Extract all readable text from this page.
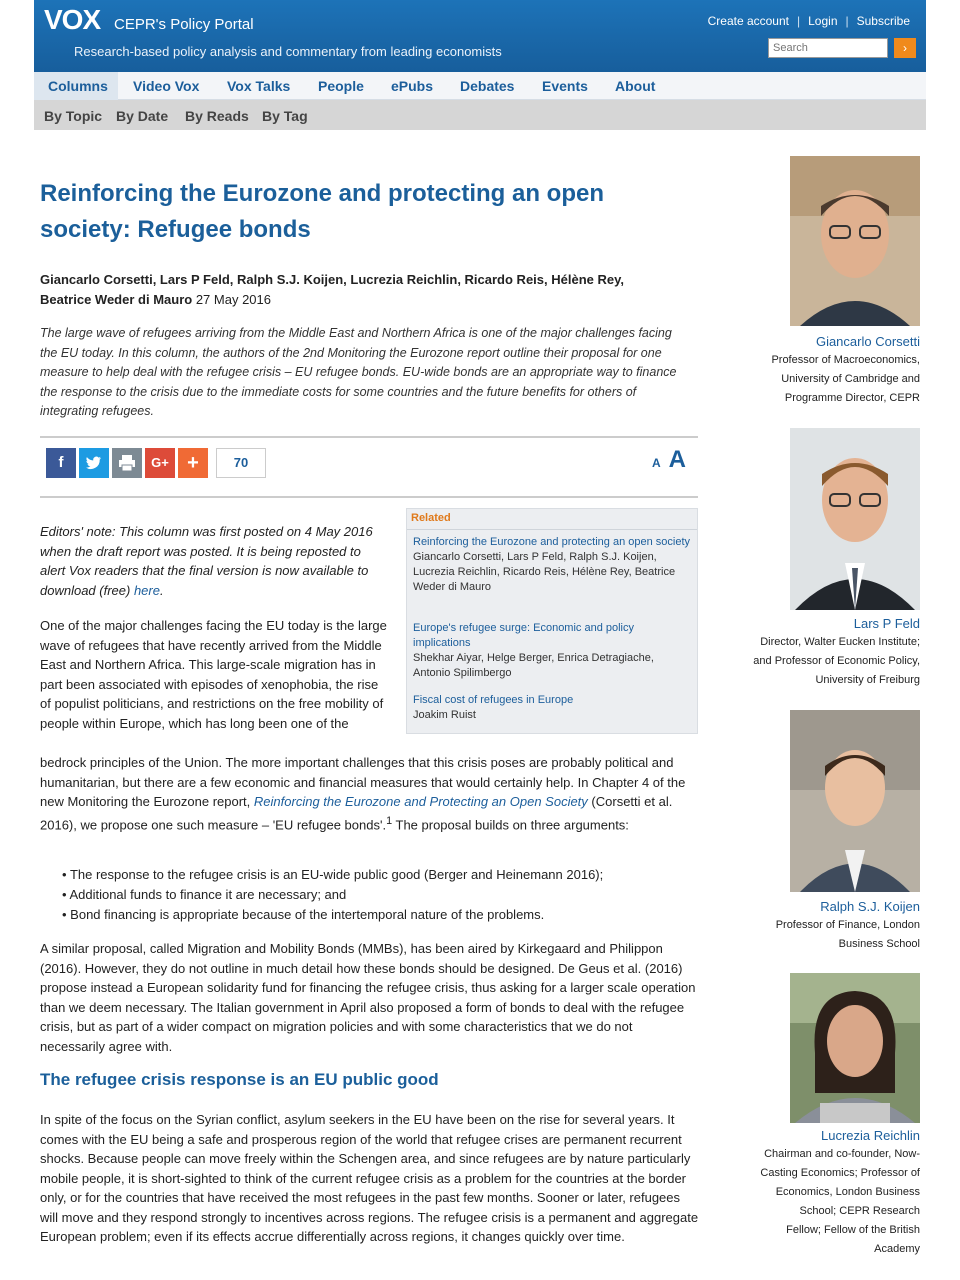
VOX CEPR's Policy Portal
Research-based policy analysis and commentary from leading economists
Create account | Login | Subscribe
Search
›
Columns Video Vox Vox Talks People ePubs Debates Events About
By Topic By Date By Reads By Tag
Reinforcing the Eurozone and protecting an open society: Refugee bonds
Giancarlo Corsetti, Lars P Feld, Ralph S.J. Koijen, Lucrezia Reichlin, Ricardo Reis, Hélène Rey, Beatrice Weder di Mauro 27 May 2016
The large wave of refugees arriving from the Middle East and Northern Africa is one of the major challenges facing the EU today. In this column, the authors of the 2nd Monitoring the Eurozone report outline their proposal for one measure to help deal with the refugee crisis – EU refugee bonds. EU-wide bonds are an appropriate way to finance the response to the crisis due to the immediate costs for some countries and the future benefits for others of integrating refugees.
f	G+ +	70	A A
Editors' note: This column was first posted on 4 May 2016 when the draft report was posted. It is being reposted to alert Vox readers that the final version is now available to download (free) here.
One of the major challenges facing the EU today is the large wave of refugees that have recently arrived from the Middle East and Northern Africa. This large-scale migration has in part been associated with episodes of xenophobia, the rise of populist politicians, and restrictions on the free mobility of people within Europe, which has long been one of the
bedrock principles of the Union. The more important challenges that this crisis poses are probably political and humanitarian, but there are a few economic and financial measures that would certainly help. In Chapter 4 of the new Monitoring the Eurozone report, Reinforcing the Eurozone and Protecting an Open Society (Corsetti et al. 2016), we propose one such measure – 'EU refugee bonds'.$^1$ The proposal builds on three arguments:
• The response to the refugee crisis is an EU-wide public good (Berger and Heinemann 2016);
• Additional funds to finance it are necessary; and
• Bond financing is appropriate because of the intertemporal nature of the problems.
A similar proposal, called Migration and Mobility Bonds (MMBs), has been aired by Kirkegaard and Philippon (2016). However, they do not outline in much detail how these bonds should be designed. De Geus et al. (2016) propose instead a European solidarity fund for financing the refugee crisis, thus asking for a larger scale operation than we deem necessary. The Italian government in April also proposed a form of bonds to deal with the refugee crisis, but as part of a wider compact on migration policies and with some characteristics that we do not necessarily agree with.
The refugee crisis response is an EU public good
In spite of the focus on the Syrian conflict, asylum seekers in the EU have been on the rise for several years. It comes with the EU being a safe and prosperous region of the world that refugee crises are permanent recurrent shocks. Because people can move freely within the Schengen area, and since refugees are by nature particularly mobile people, it is short-sighted to think of the current refugee crisis as a problem for the countries at the border only, or for the countries that have received the most refugees in the past few months. Sooner or later, refugees will move and they respond strongly to incentives across regions. The refugee crisis is a permanent and aggregate European problem; even if its effects accrue differentially across regions, it changes quickly over time.
Related
Reinforcing the Eurozone and protecting an open society
Giancarlo Corsetti, Lars P Feld, Ralph S.J. Koijen, Lucrezia Reichlin, Ricardo Reis, Hélène Rey, Beatrice Weder di Mauro
Europe's refugee surge: Economic and policy implications
Shekhar Aiyar, Helge Berger, Enrica Detragiache, Antonio Spilimbergo
Fiscal cost of refugees in Europe
Joakim Ruist
Giancarlo Corsetti
Professor of Macroeconomics,
University of Cambridge and
Programme Director, CEPR
Lars P Feld
Director, Walter Eucken Institute;
and Professor of Economic Policy,
University of Freiburg
Ralph S.J. Koijen
Professor of Finance, London
Business School
Lucrezia Reichlin
Chairman and co-founder, Now-
Casting Economics; Professor of
Economics, London Business
School; CEPR Research
Fellow; Fellow of the British
Academy
